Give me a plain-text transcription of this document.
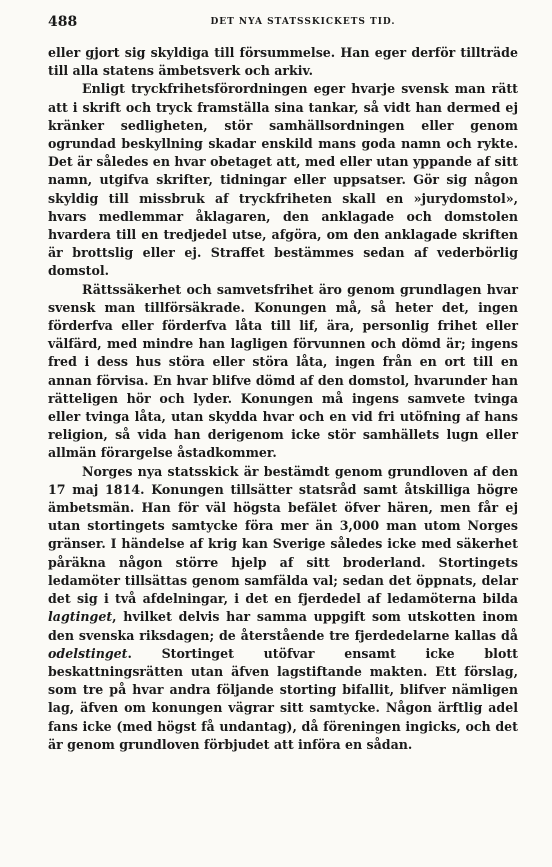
488	DET NYA STATSSKICKETS TID.

eller gjort sig skyldiga till försummelse. Han eger derför tillträde till alla statens ämbetsverk och arkiv.

Enligt tryckfrihetsförordningen eger hvarje svensk man rätt att i skrift och tryck framställa sina tankar, så vidt han dermed ej kränker sedligheten, stör samhällsordningen eller genom ogrundad beskyllning skadar enskild mans goda namn och rykte. Det är således en hvar obetaget att, med eller utan yppande af sitt namn, utgifva skrifter, tidningar eller uppsatser. Gör sig någon skyldig till missbruk af tryckfriheten skall en »jurydomstol», hvars medlemmar åklagaren, den anklagade och domstolen hvardera till en tredjedel utse, afgöra, om den anklagade skriften är brottslig eller ej. Straffet bestämmes sedan af vederbörlig domstol.

Rättssäkerhet och samvetsfrihet äro genom grundlagen hvar svensk man tillförsäkrade. Konungen må, så heter det, ingen förderfva eller förderfva låta till lif, ära, personlig frihet eller välfärd, med mindre han lagligen förvunnen och dömd är; ingens fred i dess hus störa eller störa låta, ingen från en ort till en annan förvisa. En hvar blifve dömd af den domstol, hvarunder han rätteligen hör och lyder. Konungen må ingens samvete tvinga eller tvinga låta, utan skydda hvar och en vid fri utöfning af hans religion, så vida han derigenom icke stör samhällets lugn eller allmän förargelse åstadkommer.

Norges nya statsskick är bestämdt genom grundloven af den 17 maj 1814. Konungen tillsätter statsråd samt åtskilliga högre ämbetsmän. Han för väl högsta befälet öfver hären, men får ej utan stortingets samtycke föra mer än 3,000 man utom Norges gränser. I händelse af krig kan Sverige således icke med säkerhet påräkna någon större hjelp af sitt broderland. Stortingets ledamöter tillsättas genom samfälda val; sedan det öppnats, delar det sig i två afdelningar, i det en fjerdedel af ledamöterna bilda lagtinget, hvilket delvis har samma uppgift som utskotten inom den svenska riksdagen; de återstående tre fjerdedelarne kallas då odelstinget. Stortinget utöfvar ensamt icke blott beskattningsrätten utan äfven lagstiftande makten. Ett förslag, som tre på hvar andra följande storting bifallit, blifver nämligen lag, äfven om konungen vägrar sitt samtycke. Någon ärftlig adel fans icke (med högst få undantag), då föreningen ingicks, och det är genom grundloven förbjudet att införa en sådan.
